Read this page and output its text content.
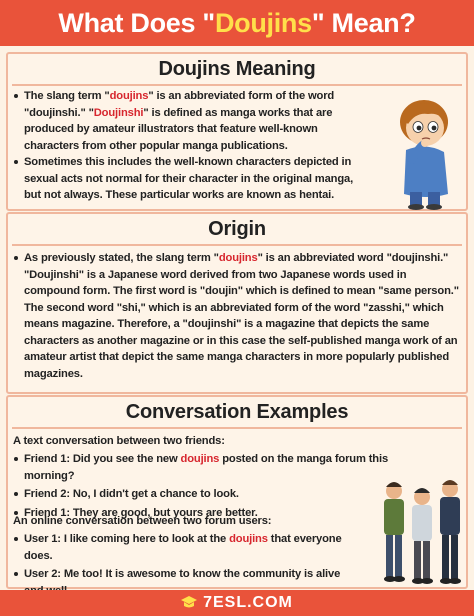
What Does "Doujins" Mean?
Doujins Meaning
The slang term "doujins" is an abbreviated form of the word "doujinshi." "Doujinshi" is defined as manga works that are produced by amateur illustrators that feature well-known characters from other popular manga publications.
Sometimes this includes the well-known characters depicted in sexual acts not normal for their character in the original manga, but not always. These particular works are known as hentai.
Origin
As previously stated, the slang term "doujins" is an abbreviated word "doujinshi." "Doujinshi" is a Japanese word derived from two Japanese words used in compound form. The first word is "doujin" which is defined to mean "same person." The second word "shi," which is an abbreviated form of the word "zasshi," which means magazine. Therefore, a "doujinshi" is a magazine that depicts the same characters as another magazine or in this case the self-published manga work of an amateur artist that depict the same manga characters in more popularly published magazines.
Conversation Examples
A text conversation between two friends:
Friend 1: Did you see the new doujins posted on the manga forum this morning?
Friend 2: No, I didn't get a chance to look.
Friend 1: They are good, but yours are better.
An online conversation between two forum users:
User 1: I like coming here to look at the doujins that everyone does.
User 2: Me too! It is awesome to know the community is alive
7ESL.COM
